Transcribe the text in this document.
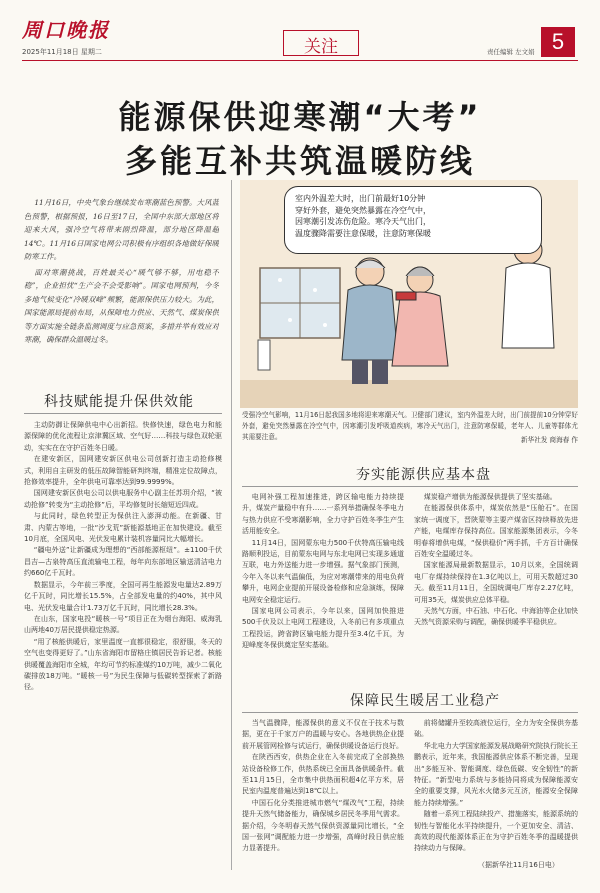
周口晚报
2025年11月18日 星期二	关注	责任编辑 左文娟 5
能源保供迎寒潮“大考”
多能互补共筑温暖防线

11月16日，中央气象台继续发布寒潮蓝色预警。大风蓝色预警，根据预报，16日至17日，全国中东部大部地区将迎来大风，强冷空气将带来剧烈降温，部分地区降温超14℃。11月16日国家电网公司积极有序组织各地做好保暖防寒工作。

面对寒潮挑战，百姓最关心“暖气够不够，用电稳不稳”，企业担忧“生产会不会受影响”。国家电网预判，今冬多地气候变化“冷暖双峰”频繁，能源保供压力较大。为此，国家能源局提前布局，从保障电力供应、天然气、煤炭保供等方面实施全链条监测调度与应急预案，多措并举有效应对寒潮，确保群众温暖过冬。

科技赋能提升保供效能

主动防御让保障供电中心出新招。快修快速，绿色电力和能源保障的优化流程让京津冀区域、空气好……科技与绿色双轮驱动，实实在在守护百姓冬日暖。

在建安新区，国网建安新区供电公司创新打造主动抢修模式，利用自主研发的低压故障智能研判终端，精准定位故障点，抢修效率提升，全年供电可靠率达到99.9999%。

国网建安新区供电公司以供电服务中心副主任苏玥介绍，“被动抢修”转变为“主动抢修”后，平均修复时长缩短近四成。

与此同时，绿色转型正为保供注入澎湃动能。在新疆、甘肃、内蒙古等地，一批“沙戈荒”新能源基地正在加快建设。截至10月底，全国风电、光伏发电累计装机容量同比大幅增长。

“疆电外送”让新疆成为理想的“西部能源枢纽”。±1100千伏昌吉—古泉特高压直流输电工程，每年向东部地区输送清洁电力约660亿千瓦时。

数据显示，今年前三季度，全国可再生能源发电量达2.89万亿千瓦时，同比增长15.5%，占全部发电量的约40%，其中风电、光伏发电量合计1.73万亿千瓦时，同比增长28.3%。

在山东，国家电投“暖核一号”项目正在为烟台海阳、威海乳山两地40万居民提供稳定热源。

“用了核能供暖后，家里温度一直都很稳定，很舒服，冬天的空气也变得更好了。”山东省海阳市留格庄镇居民告诉记者。核能供暖覆盖海阳市全城，年均可节约标准煤约10万吨，减少二氧化碳排放18万吨。“暖核一号”为民生保障与低碳转型探索了新路径。

室内外温差大时，出门前最好10分钟
穿好外套，避免突然暴露在冷空气中，
因寒潮引发冻伤危险。寒冷天气出门，
温度骤降需要注意保暖，注意防寒保暖
受强冷空气影响，11月16日起我国多地将迎来寒潮天气。卫健部门建议，室内外温差大时，出门前提前10分钟穿好外套，避免突然暴露在冷空气中，因寒潮引发呼吸道疾病，寒冷天气出门，注意防寒保暖，老年人、儿童等群体尤其需要注意。	新华社发 商海春 作
夯实能源供应基本盘

电网补强工程加速推进，跨区输电能力持续提升，煤炭产量稳中有升……一系列举措确保冬季电力与热力供应不受寒潮影响，全力守护百姓冬季生产生活用能安全。

11月14日，国网蒙东电力500千伏特高压输电线路顺利投运，目前蒙东电网与东北电网已实现多通道互联，电力外送能力进一步增强。据气象部门预测，今年入冬以来气温偏低，为应对寒潮带来的用电负荷攀升，电网企业提前开展设备检修和应急演练，保障电网安全稳定运行。

国家电网公司表示，今年以来，国网加快推进500千伏及以上电网工程建设，入冬前已有多项重点工程投运，跨省跨区输电能力提升至3.4亿千瓦，为迎峰度冬保供奠定坚实基础。

煤炭稳产增供为能源保供提供了坚实基础。

在能源保供体系中，煤炭依然是“压舱石”。在国家统一调度下，晋陕蒙等主要产煤省区持续释放先进产能，电煤库存保持高位。国家能源集团表示，今冬明春将增供电煤，“保供稳价”两手抓，千方百计确保百姓安全温暖过冬。

国家能源局最新数据显示，10月以来，全国统调电厂存煤持续保持在1.3亿吨以上，可用天数超过30天。截至11月11日，全国统调电厂库存2.27亿吨，可用35天，煤炭供应总体平稳。

天然气方面，中石油、中石化、中海油等企业加快天然气资源采购与调配，确保供暖季平稳供应。

保障民生暖居工业稳产

当气温骤降，能源保供的意义不仅在于技术与数据，更在于千家万户的温暖与安心。各地供热企业提前开展管网检修与试运行，确保供暖设备运行良好。

在陕西西安，供热企业在入冬前完成了全部换热站设备检修工作，供热系统已全面具备供暖条件。截至11月15日，全市集中供热面积超4亿平方米，居民室内温度普遍达到18℃以上。

中国石化分类推进城市燃气“煤改气”工程，持续提升天然气储备能力，确保城乡居民冬季用气需求。据介绍，今冬明春天然气保供资源量同比增长，“全国一张网”调配能力进一步增强，高峰时段日供应能力显著提升。

前将储罐升至较高液位运行，全力为安全保供夯基础。

华北电力大学国家能源发展战略研究院执行院长王鹏表示，近年来，我国能源供应体系不断完善，呈现出“多能互补、智能调度、绿色低碳、安全韧性”的新特征。“新型电力系统与多能协同将成为保障能源安全的重要支撑，风光水火储多元互济，能源安全保障能力持续增强。”

随着一系列工程陆续投产、措施落实，能源系统的韧性与智能化水平持续提升，一个更加安全、清洁、高效的现代能源体系正在为守护百姓冬季的温暖提供持续动力与保障。

（据新华社11月16日电）
